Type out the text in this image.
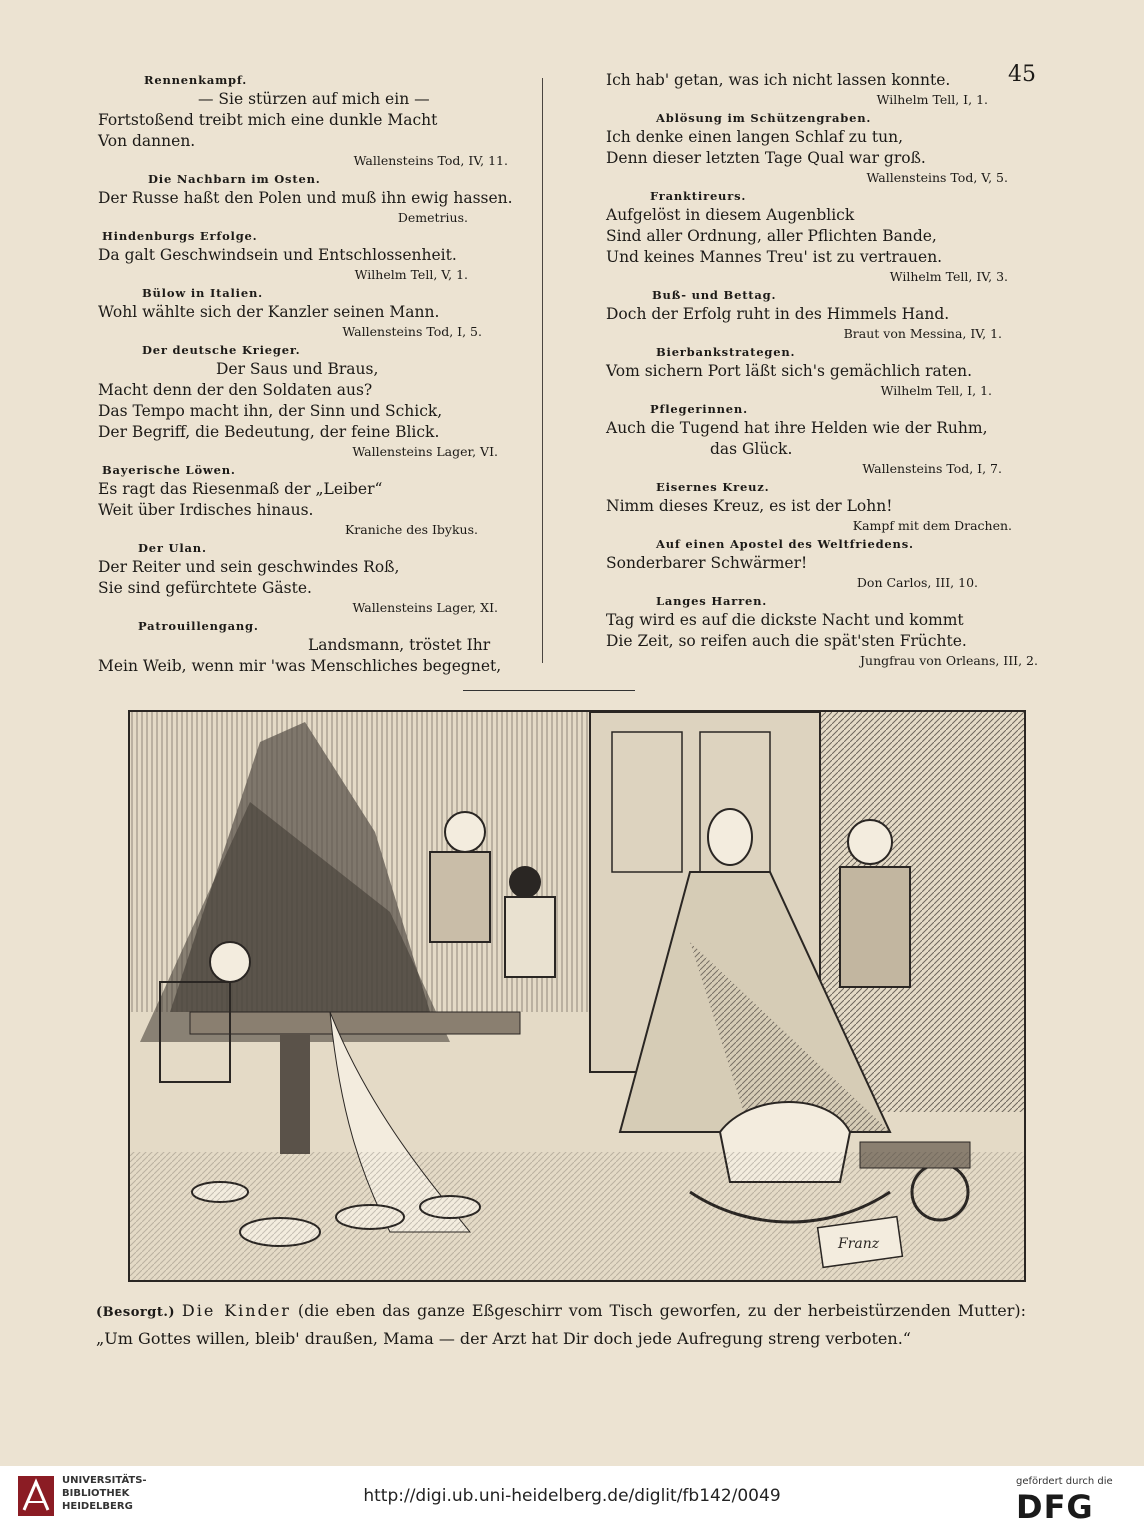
45
Rennenkampf.
— Sie stürzen auf mich ein —
Fortstoßend treibt mich eine dunkle Macht
Von dannen.
Wallensteins Tod, IV, 11.
Die Nachbarn im Osten.
Der Russe haßt den Polen und muß ihn ewig hassen.
Demetrius.
Hindenburgs Erfolge.
Da galt Geschwindsein und Entschlossenheit.
Wilhelm Tell, V, 1.
Bülow in Italien.
Wohl wählte sich der Kanzler seinen Mann.
Wallensteins Tod, I, 5.
Der deutsche Krieger.
Der Saus und Braus,
Macht denn der den Soldaten aus?
Das Tempo macht ihn, der Sinn und Schick,
Der Begriff, die Bedeutung, der feine Blick.
Wallensteins Lager, VI.
Bayerische Löwen.
Es ragt das Riesenmaß der „Leiber“
Weit über Irdisches hinaus.
Kraniche des Ibykus.
Der Ulan.
Der Reiter und sein geschwindes Roß,
Sie sind gefürchtete Gäste.
Wallensteins Lager, XI.
Patrouillengang.
Landsmann, tröstet Ihr
Mein Weib, wenn mir 'was Menschliches begegnet,
Ich hab' getan, was ich nicht lassen konnte.
Wilhelm Tell, I, 1.
Ablösung im Schützengraben.
Ich denke einen langen Schlaf zu tun,
Denn dieser letzten Tage Qual war groß.
Wallensteins Tod, V, 5.
Franktireurs.
Aufgelöst in diesem Augenblick
Sind aller Ordnung, aller Pflichten Bande,
Und keines Mannes Treu' ist zu vertrauen.
Wilhelm Tell, IV, 3.
Buß- und Bettag.
Doch der Erfolg ruht in des Himmels Hand.
Braut von Messina, IV, 1.
Bierbankstrategen.
Vom sichern Port läßt sich's gemächlich raten.
Wilhelm Tell, I, 1.
Pflegerinnen.
Auch die Tugend hat ihre Helden wie der Ruhm,
das Glück.
Wallensteins Tod, I, 7.
Eisernes Kreuz.
Nimm dieses Kreuz, es ist der Lohn!
Kampf mit dem Drachen.
Auf einen Apostel des Weltfriedens.
Sonderbarer Schwärmer!
Don Carlos, III, 10.
Langes Harren.
Tag wird es auf die dickste Nacht und kommt
Die Zeit, so reifen auch die spät'sten Früchte.
Jungfrau von Orleans, III, 2.
Franz
(Besorgt.) Die Kinder (die eben das ganze Eßgeschirr vom Tisch geworfen, zu der herbeistürzenden Mutter): „Um Gottes willen, bleib' draußen, Mama — der Arzt hat Dir doch jede Aufregung streng verboten.“
UNIVERSITÄTS-
BIBLIOTHEK
HEIDELBERG
http://digi.ub.uni-heidelberg.de/diglit/fb142/0049
gefördert durch die
DFG
